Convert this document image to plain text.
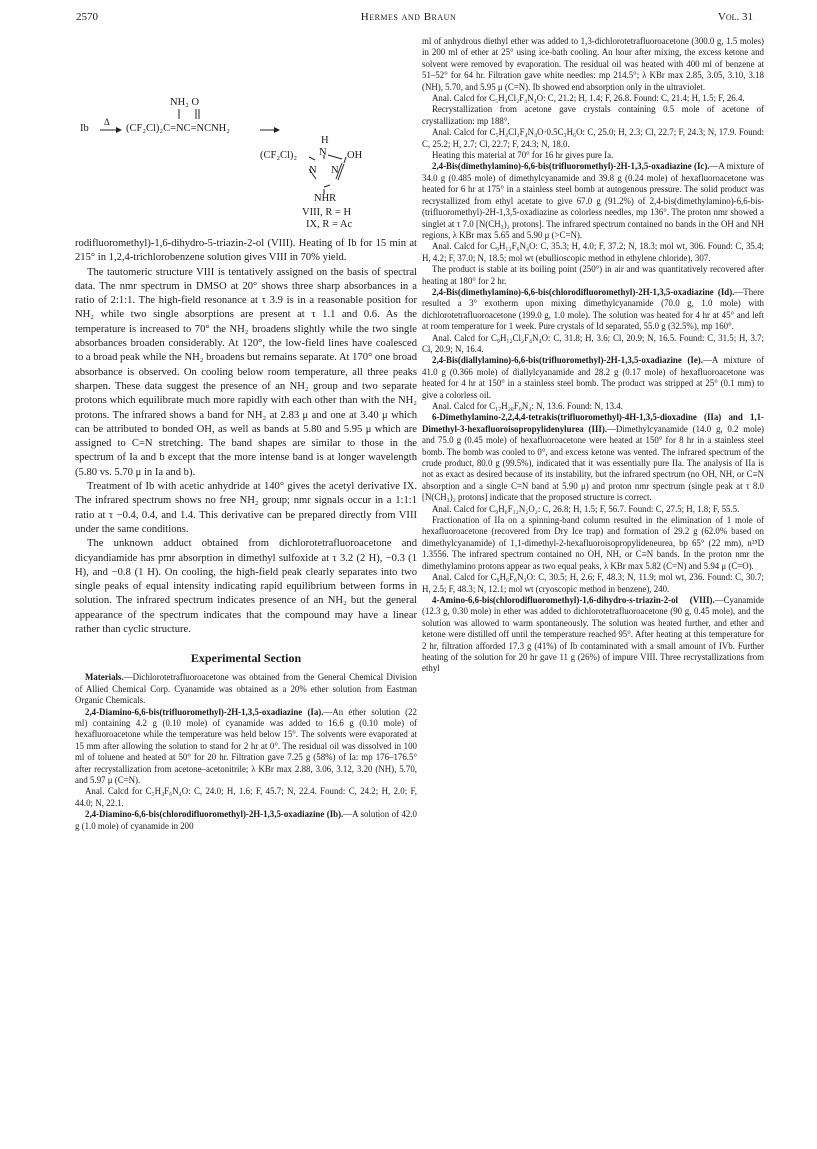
2570	Hermes and Braun	Vol. 31
NH₂ O
Ib
Δ
(CF₂Cl)₂C=NC=NCNH₂
H
(CF₂Cl)₂ N OH
N N
NHR
VIII, R = H
IX, R = Ac

rodifluoromethyl)-1,6-dihydro-5-triazin-2-ol (VIII). Heating of Ib for 15 min at 215° in 1,2,4-trichlorobenzene solution gives VIII in 70% yield.

The tautomeric structure VIII is tentatively assigned on the basis of spectral data. The nmr spectrum in DMSO at 20° shows three sharp absorbances in a ratio of 2:1:1. The high-field resonance at τ 3.9 is in a reasonable position for NH₂ while two single absorptions are present at τ 1.1 and 0.6. As the temperature is increased to 70° the NH₂ broadens slightly while the two single absorbances broaden considerably. At 120°, the low-field lines have coalesced to a broad peak while the NH₂ broadens but remains separate. At 170° one broad absorbance is observed. On cooling below room temperature, all three peaks sharpen. These data suggest the presence of an NH₂ group and two separate protons which equilibrate much more rapidly with each other than with the NH₂ protons. The infrared shows a band for NH₂ at 2.83 μ and one at 3.40 μ which can be attributed to bonded OH, as well as bands at 5.80 and 5.95 μ which are assigned to C=N stretching. The band shapes are similar to those in the spectrum of Ia and b except that the more intense band is at longer wavelength (5.80 vs. 5.70 μ in Ia and b).

Treatment of Ib with acetic anhydride at 140° gives the acetyl derivative IX. The infrared spectrum shows no free NH₂ group; nmr signals occur in a 1:1:1 ratio at τ −0.4, 0.4, and 1.4. This derivative can be prepared directly from VIII under the same conditions.

The unknown adduct obtained from dichlorotetrafluoroacetone and dicyandiamide has pmr absorption in dimethyl sulfoxide at τ 3.2 (2 H), −0.3 (1 H), and −0.8 (1 H). On cooling, the high-field peak clearly separates into two single peaks of equal intensity indicating rapid equilibrium between forms in solution. The infrared spectrum indicates presence of an NH₂ but the general appearance of the spectrum indicates that the compound may have a linear rather than cyclic structure.

Experimental Section

Materials.—Dichlorotetrafluoroacetone was obtained from the General Chemical Division of Allied Chemical Corp. Cyanamide was obtained as a 20% ether solution from Eastman Organic Chemicals.

2,4-Diamino-6,6-bis(trifluoromethyl)-2H-1,3,5-oxadiazine (Ia).—An ether solution (22 ml) containing 4.2 g (0.10 mole) of cyanamide was added to 16.6 g (0.10 mole) of hexafluoroacetone while the temperature was held below 15°. The solvents were evaporated at 15 mm after allowing the solution to stand for 2 hr at 0°. The residual oil was dissolved in 100 ml of toluene and heated at 50° for 20 hr. Filtration gave 7.25 g (58%) of Ia: mp 176–176.5° after recrystallization from acetone–acetonitrile; λ KBr max 2.88, 3.06, 3.12, 3.20 (NH), 5.70, and 5.97 μ (C=N).

Anal. Calcd for C₅H₄F₆N₄O: C, 24.0; H, 1.6; F, 45.7; N, 22.4. Found: C, 24.2; H, 2.0; F, 44.0; N, 22.1.

2,4-Diamino-6,6-bis(chlorodifluoromethyl)-2H-1,3,5-oxadiazine (Ib).—A solution of 42.0 g (1.0 mole) of cyanamide in 200

ml of anhydrous diethyl ether was added to 1,3-dichlorotetrafluoroacetone (300.0 g, 1.5 moles) in 200 ml of ether at 25° using ice-bath cooling. An hour after mixing, the excess ketone and solvent were removed by evaporation. The residual oil was heated with 400 ml of benzene at 51–52° for 64 hr. Filtration gave white needles: mp 214.5°; λ KBr max 2.85, 3.05, 3.10, 3.18 (NH), 5.70, and 5.95 μ (C=N). Ib showed end absorption only in the ultraviolet.

Anal. Calcd for C₅H₄Cl₂F₄N₄O: C, 21.2; H, 1.4; F, 26.8. Found: C, 21.4; H, 1.5; F, 26.4.

Recrystallization from acetone gave crystals containing 0.5 mole of acetone of crystallization: mp 188°.

Anal. Calcd for C₅H₄Cl₂F₄N₄O·0.5C₃H₆O: C, 25.0; H, 2.3; Cl, 22.7; F, 24.3; N, 17.9. Found: C, 25.2; H, 2.7; Cl, 22.7; F, 24.3; N, 18.0.

Heating this material at 70° for 16 hr gives pure Ia.

2,4-Bis(dimethylamino)-6,6-bis(trifluoromethyl)-2H-1,3,5-oxadiazine (Ic).—A mixture of 34.0 g (0.485 mole) of dimethylcyanamide and 39.8 g (0.24 mole) of hexafluoroacetone was heated for 6 hr at 175° in a stainless steel bomb at autogenous pressure. The solid product was recrystallized from ethyl acetate to give 67.0 g (91.2%) of 2,4-bis(dimethylamino)-6,6-bis-(trifluoromethyl)-2H-1,3,5-oxadiazine as colorless needles, mp 136°. The proton nmr showed a singlet at τ 7.0 [N(CH₃)₂ protons]. The infrared spectrum contained no bands in the OH and NH regions, λ KBr max 5.65 and 5.90 μ (>C=N).

Anal. Calcd for C₉H₁₂F₆N₄O: C, 35.3; H, 4.0; F, 37.2; N, 18.3; mol wt, 306. Found: C, 35.4; H, 4.2; F, 37.0; N, 18.5; mol wt (ebullioscopic method in ethylene chloride), 307.

The product is stable at its boiling point (250°) in air and was quantitatively recovered after heating at 180° for 2 hr.

2,4-Bis(dimethylamino)-6,6-bis(chlorodifluoromethyl)-2H-1,3,5-oxadiazine (Id).—There resulted a 3° exotherm upon mixing dimethylcyanamide (70.0 g, 1.0 mole) with dichlorotetrafluoroacetone (199.0 g, 1.0 mole). The solution was heated for 4 hr at 45° and left at room temperature for 1 week. Pure crystals of Id separated, 55.0 g (32.5%), mp 160°.

Anal. Calcd for C₉H₁₂Cl₂F₄N₄O: C, 31.8; H, 3.6; Cl, 20.9; N, 16.5. Found: C, 31.5; H, 3.7; Cl, 20.9; N, 16.4.

2,4-Bis(diallylamino)-6,6-bis(trifluoromethyl)-2H-1,3,5-oxadiazine (Ie).—A mixture of 41.0 g (0.366 mole) of diallylcyanamide and 28.2 g (0.17 mole) of hexafluoroacetone was heated for 4 hr at 150° in a stainless steel bomb. The product was stripped at 25° (0.1 mm) to give a colorless oil.

Anal. Calcd for C₁₇H₂₀F₆N₄: N, 13.6. Found: N, 13.4.

6-Dimethylamino-2,2,4,4-tetrakis(trifluoromethyl)-4H-1,3,5-dioxadine (IIa) and 1,1-Dimethyl-3-hexafluoroisopropylidenylurea (III).—Dimethylcyanamide (14.0 g, 0.2 mole) and 75.0 g (0.45 mole) of hexafluoroacetone were heated at 150° for 8 hr in a stainless steel bomb. The bomb was cooled to 0°, and excess ketone was vented. The infrared spectrum of the crude product, 80.0 g (99.5%), indicated that it was essentially pure IIa. The analysis of IIa is not as exact as desired because of its instability, but the infrared spectrum (no OH, NH, or C≡N absorption and a single C=N band at 5.90 μ) and proton nmr spectrum (single peak at τ 8.0 [N(CH₃)₂ protons] indicate that the proposed structure is correct.

Anal. Calcd for C₉H₆F₁₂N₂O₂: C, 26.8; H, 1.5; F, 56.7. Found: C, 27.5; H, 1.8; F, 55.5.

Fractionation of IIa on a spinning-band column resulted in the elimination of 1 mole of hexafluoroacetone (recovered from Dry Ice trap) and formation of 29.2 g (62.0% based on dimethylcyanamide) of 1,1-dimethyl-2-hexafluoroisopropylideneurea, bp 65° (22 mm), n²⁵D 1.3556. The infrared spectrum contained no OH, NH, or C≡N bands. In the proton nmr the dimethylamino protons appear as two equal peaks, λ KBr max 5.82 (C=N) and 5.94 μ (C=O).

Anal. Calcd for C₆H₆F₆N₂O: C, 30.5; H, 2.6; F, 48.3; N, 11.9; mol wt, 236. Found: C, 30.7; H, 2.5; F, 48.3; N, 12.1; mol wt (cryoscopic method in benzene), 240.

4-Amino-6,6-bis(chlorodifluoromethyl)-1,6-dihydro-s-triazin-2-ol (VIII).—Cyanamide (12.3 g, 0.30 mole) in ether was added to dichlorotetrafluoroacetone (90 g, 0.45 mole), and the solution was allowed to warm spontaneously. The solution was heated further, and ether and ketone were distilled off until the temperature reached 95°. After heating at this temperature for 2 hr, filtration afforded 17.3 g (41%) of Ib contaminated with a small amount of IVb. Further heating of the solution for 20 hr gave 11 g (26%) of impure VIII. Three recrystallizations from ethyl
